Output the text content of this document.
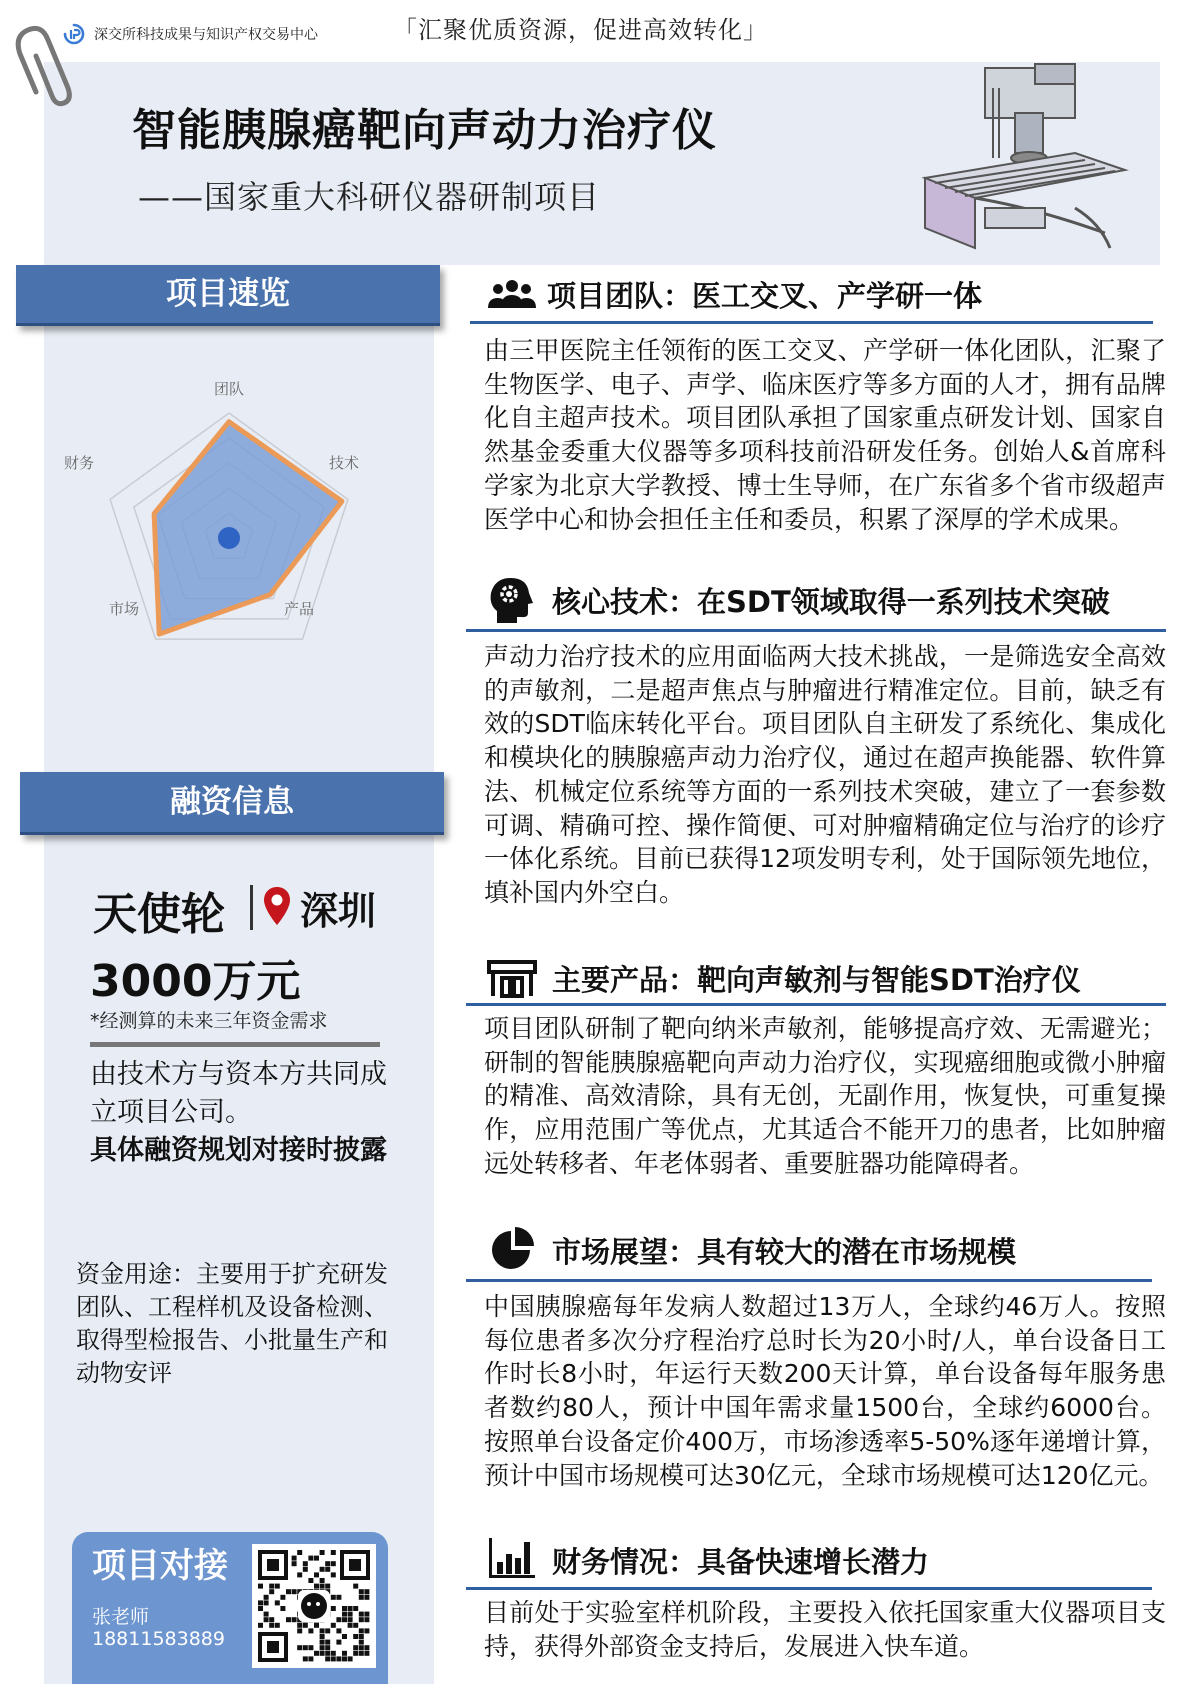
深交所科技成果与知识产权交易中心	「汇聚优质资源，促进高效转化」
智能胰腺癌靶向声动力治疗仪
——国家重大科研仪器研制项目
项目速览
团队
技术
产品
市场
财务
融资信息
天使轮 深圳
3000万元
*经测算的未来三年资金需求
由技术方与资本方共同成立项目公司。
具体融资规划对接时披露
资金用途：主要用于扩充研发团队、工程样机及设备检测、取得型检报告、小批量生产和动物安评
项目对接
张老师
18811583889
项目团队：医工交叉、产学研一体
由三甲医院主任领衔的医工交叉、产学研一体化团队，汇聚了生物医学、电子、声学、临床医疗等多方面的人才，拥有品牌化自主超声技术。项目团队承担了国家重点研发计划、国家自然基金委重大仪器等多项科技前沿研发任务。创始人&首席科学家为北京大学教授、博士生导师，在广东省多个省市级超声医学中心和协会担任主任和委员，积累了深厚的学术成果。
核心技术：在SDT领域取得一系列技术突破
声动力治疗技术的应用面临两大技术挑战，一是筛选安全高效的声敏剂，二是超声焦点与肿瘤进行精准定位。目前，缺乏有效的SDT临床转化平台。项目团队自主研发了系统化、集成化和模块化的胰腺癌声动力治疗仪，通过在超声换能器、软件算法、机械定位系统等方面的一系列技术突破，建立了一套参数可调、精确可控、操作简便、可对肿瘤精确定位与治疗的诊疗一体化系统。目前已获得12项发明专利，处于国际领先地位，填补国内外空白。
主要产品：靶向声敏剂与智能SDT治疗仪
项目团队研制了靶向纳米声敏剂，能够提高疗效、无需避光；研制的智能胰腺癌靶向声动力治疗仪，实现癌细胞或微小肿瘤的精准、高效清除，具有无创，无副作用，恢复快，可重复操作，应用范围广等优点，尤其适合不能开刀的患者，比如肿瘤远处转移者、年老体弱者、重要脏器功能障碍者。
市场展望：具有较大的潜在市场规模
中国胰腺癌每年发病人数超过13万人，全球约46万人。按照每位患者多次分疗程治疗总时长为20小时/人，单台设备日工作时长8小时，年运行天数200天计算，单台设备每年服务患者数约80人，预计中国年需求量1500台，全球约6000台。按照单台设备定价400万，市场渗透率5-50%逐年递增计算，预计中国市场规模可达30亿元，全球市场规模可达120亿元。
财务情况：具备快速增长潜力
目前处于实验室样机阶段，主要投入依托国家重大仪器项目支持，获得外部资金支持后，发展进入快车道。
